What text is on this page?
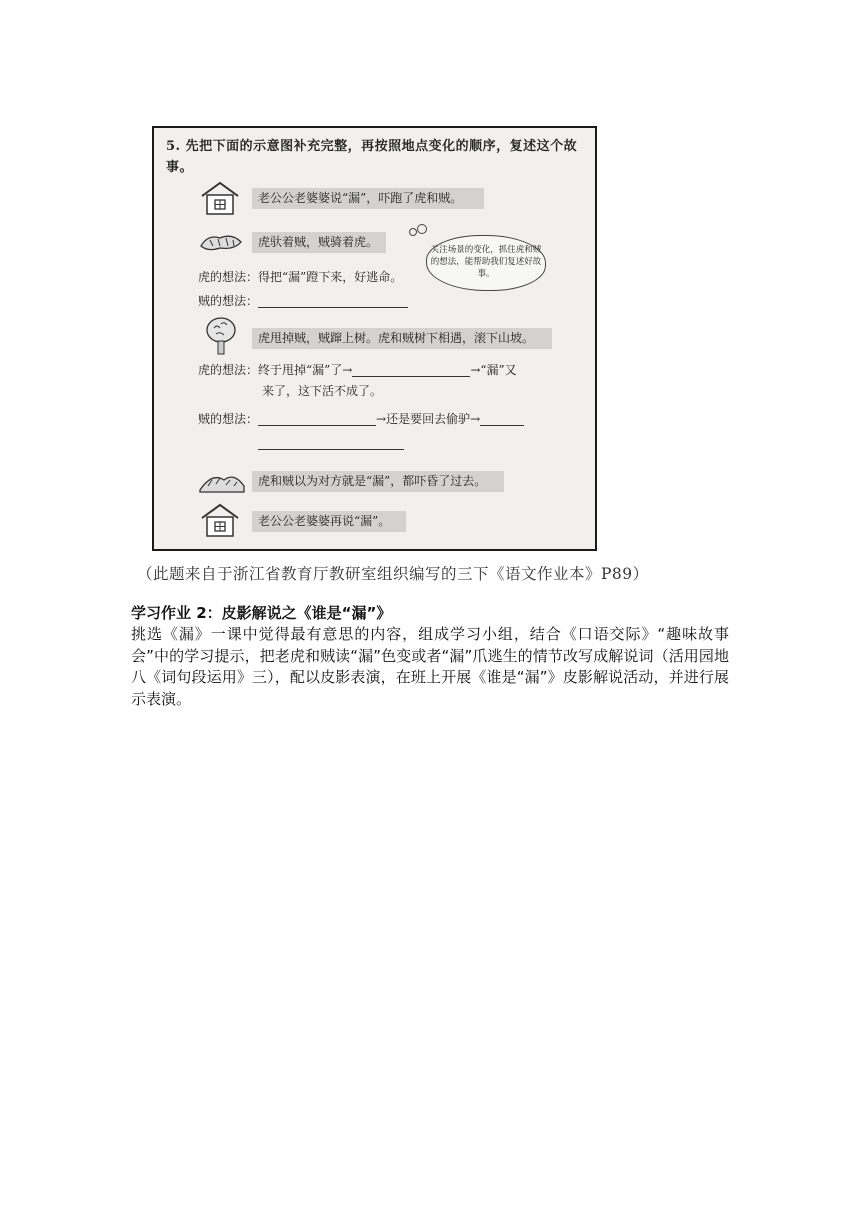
5. 先把下面的示意图补充完整，再按照地点变化的顺序，复述这个故事。
老公公老婆婆说“漏”，吓跑了虎和贼。
虎驮着贼，贼骑着虎。
关注场景的变化，抓住虎和贼的想法，能帮助我们复述好故事。
虎的想法：得把“漏”蹬下来，好逃命。
贼的想法：
虎甩掉贼，贼蹿上树。虎和贼树下相遇，滚下山坡。
虎的想法：终于甩掉“漏”了→	→“漏”又
来了，这下活不成了。
贼的想法：	→还是要回去偷驴→
虎和贼以为对方就是“漏”，都吓昏了过去。
老公公老婆婆再说“漏”。
（此题来自于浙江省教育厅教研室组织编写的三下《语文作业本》P89）
学习作业 2：皮影解说之《谁是“漏”》
挑选《漏》一课中觉得最有意思的内容，组成学习小组，结合《口语交际》“趣味故事会”中的学习提示，把老虎和贼读“漏”色变或者“漏”爪逃生的情节改写成解说词（活用园地八《词句段运用》三），配以皮影表演，在班上开展《谁是“漏”》皮影解说活动，并进行展示表演。
